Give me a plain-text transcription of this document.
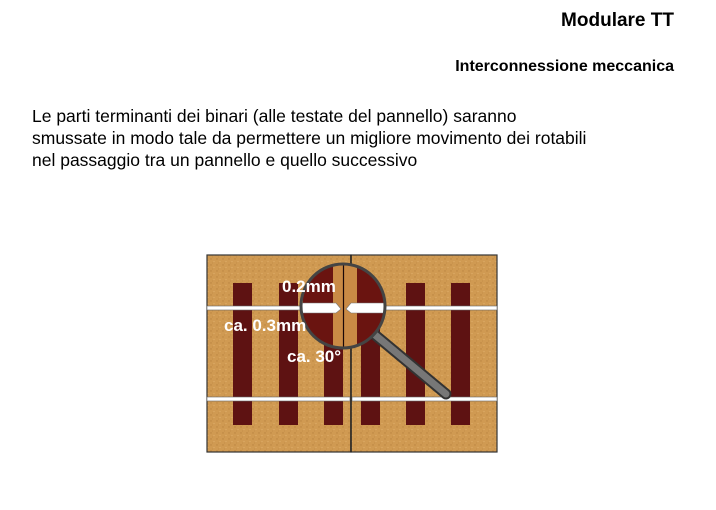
Modulare TT
Interconnessione meccanica

Le parti terminanti dei binari (alle testate del pannello) saranno
smussate in modo tale da permettere un migliore movimento dei rotabili
nel passaggio tra un pannello e quello successivo

0.2mm
ca. 0.3mm
ca. 30°
